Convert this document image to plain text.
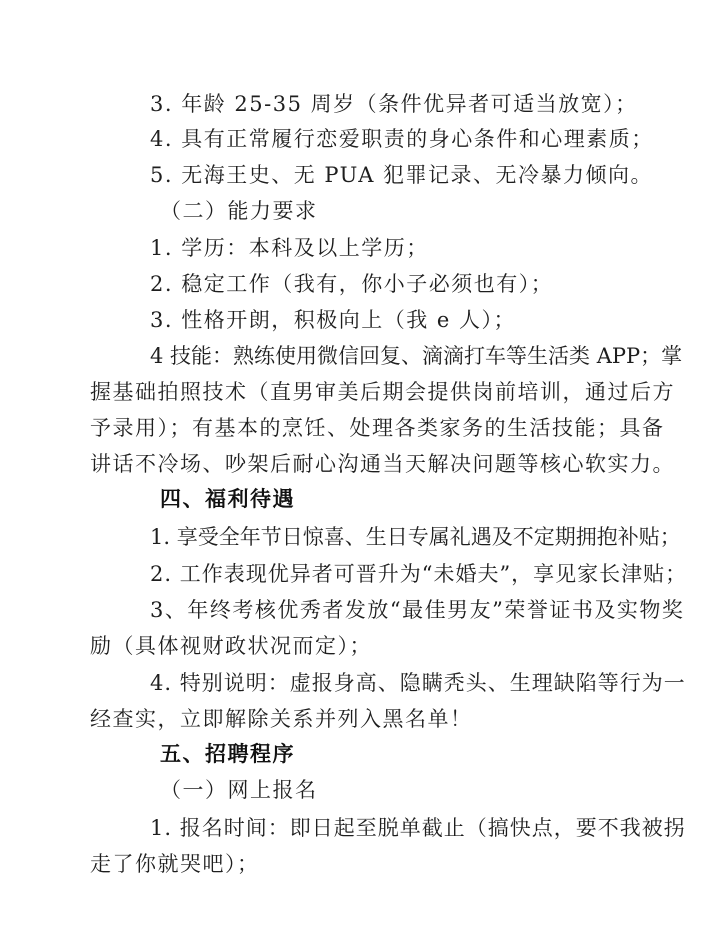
3. 年龄 25-35 周岁（条件优异者可适当放宽）；
4. 具有正常履行恋爱职责的身心条件和心理素质；
5. 无海王史、无 PUA 犯罪记录、无冷暴力倾向。
（二）能力要求
1. 学历：本科及以上学历；
2. 稳定工作（我有，你小子必须也有）；
3. 性格开朗，积极向上（我 e 人）；
4 技能：熟练使用微信回复、滴滴打车等生活类 APP；掌
握基础拍照技术（直男审美后期会提供岗前培训，通过后方
予录用）；有基本的烹饪、处理各类家务的生活技能；具备
讲话不冷场、吵架后耐心沟通当天解决问题等核心软实力。
四、福利待遇
1. 享受全年节日惊喜、生日专属礼遇及不定期拥抱补贴；
2. 工作表现优异者可晋升为“未婚夫”，享见家长津贴；
3、年终考核优秀者发放“最佳男友”荣誉证书及实物奖
励（具体视财政状况而定）；
4. 特别说明：虚报身高、隐瞒秃头、生理缺陷等行为一
经查实，立即解除关系并列入黑名单！
五、招聘程序
（一）网上报名
1. 报名时间：即日起至脱单截止（搞快点，要不我被拐
走了你就哭吧）；
